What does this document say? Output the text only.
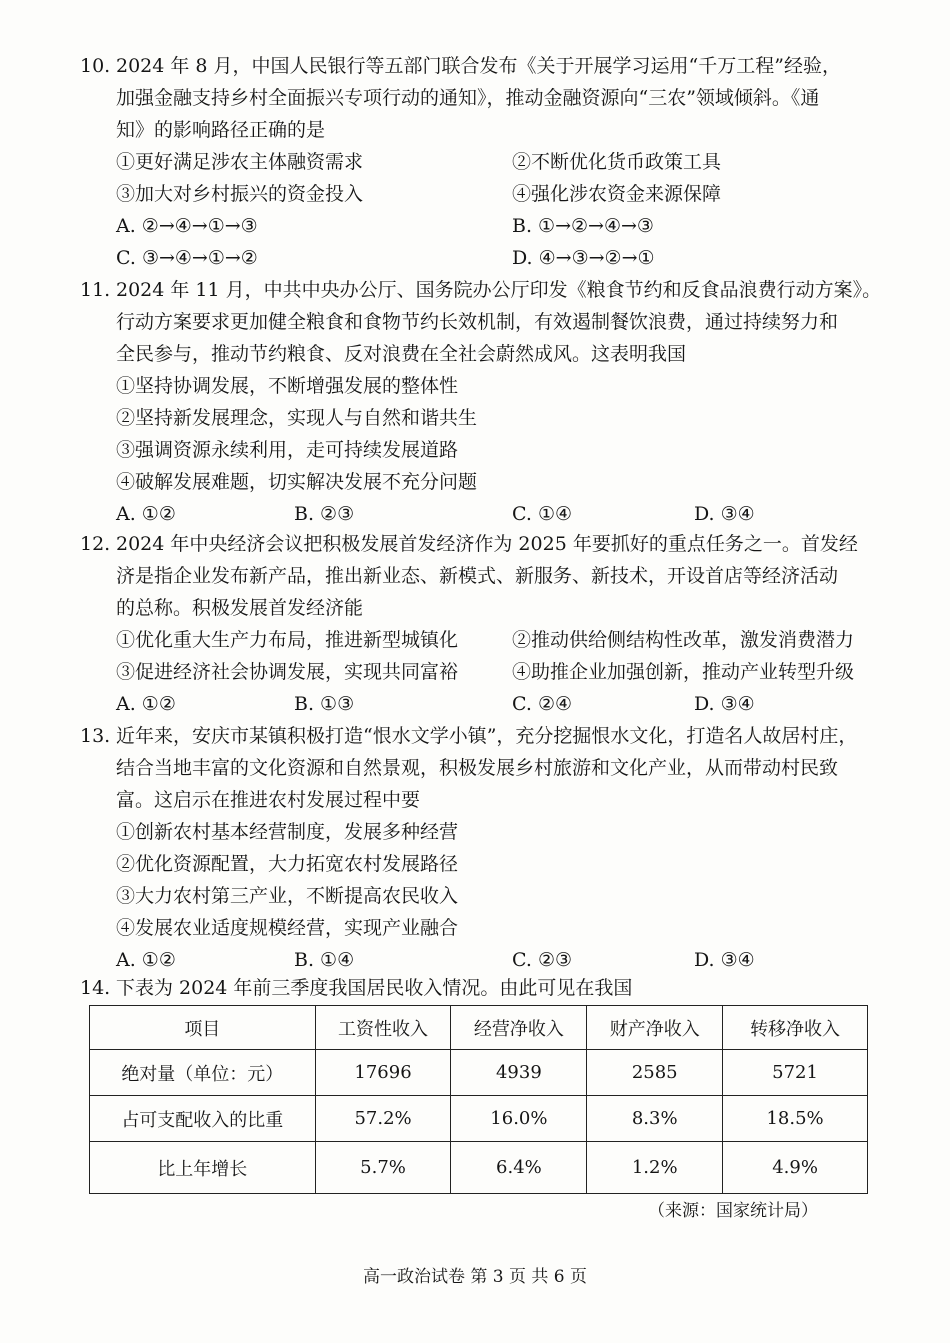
10. 2024 年 8 月，中国人民银行等五部门联合发布《关于开展学习运用“千万工程”经验，
加强金融支持乡村全面振兴专项行动的通知》，推动金融资源向“三农”领域倾斜。《通
知》的影响路径正确的是
①更好满足涉农主体融资需求	②不断优化货币政策工具
③加大对乡村振兴的资金投入	④强化涉农资金来源保障
A. ②→④→①→③	B. ①→②→④→③
C. ③→④→①→②	D. ④→③→②→①
11. 2024 年 11 月，中共中央办公厅、国务院办公厅印发《粮食节约和反食品浪费行动方案》。
行动方案要求更加健全粮食和食物节约长效机制，有效遏制餐饮浪费，通过持续努力和
全民参与，推动节约粮食、反对浪费在全社会蔚然成风。这表明我国
①坚持协调发展，不断增强发展的整体性
②坚持新发展理念，实现人与自然和谐共生
③强调资源永续利用，走可持续发展道路
④破解发展难题，切实解决发展不充分问题
A. ①②	B. ②③	C. ①④	D. ③④
12. 2024 年中央经济会议把积极发展首发经济作为 2025 年要抓好的重点任务之一。首发经
济是指企业发布新产品，推出新业态、新模式、新服务、新技术，开设首店等经济活动
的总称。积极发展首发经济能
①优化重大生产力布局，推进新型城镇化	②推动供给侧结构性改革，激发消费潜力
③促进经济社会协调发展，实现共同富裕	④助推企业加强创新，推动产业转型升级
A. ①②	B. ①③	C. ②④	D. ③④
13. 近年来，安庆市某镇积极打造“恨水文学小镇”，充分挖掘恨水文化，打造名人故居村庄，
结合当地丰富的文化资源和自然景观，积极发展乡村旅游和文化产业，从而带动村民致
富。这启示在推进农村发展过程中要
①创新农村基本经营制度，发展多种经营
②优化资源配置，大力拓宽农村发展路径
③大力农村第三产业，不断提高农民收入
④发展农业适度规模经营，实现产业融合
A. ①②	B. ①④	C. ②③	D. ③④
14. 下表为 2024 年前三季度我国居民收入情况。由此可见在我国
项目	工资性收入	经营净收入	财产净收入	转移净收入
绝对量（单位：元）	17696	4939	2585	5721
占可支配收入的比重	57.2%	16.0%	8.3%	18.5%
比上年增长	5.7%	6.4%	1.2%	4.9%
（来源：国家统计局）
高一政治试卷 第 3 页 共 6 页
